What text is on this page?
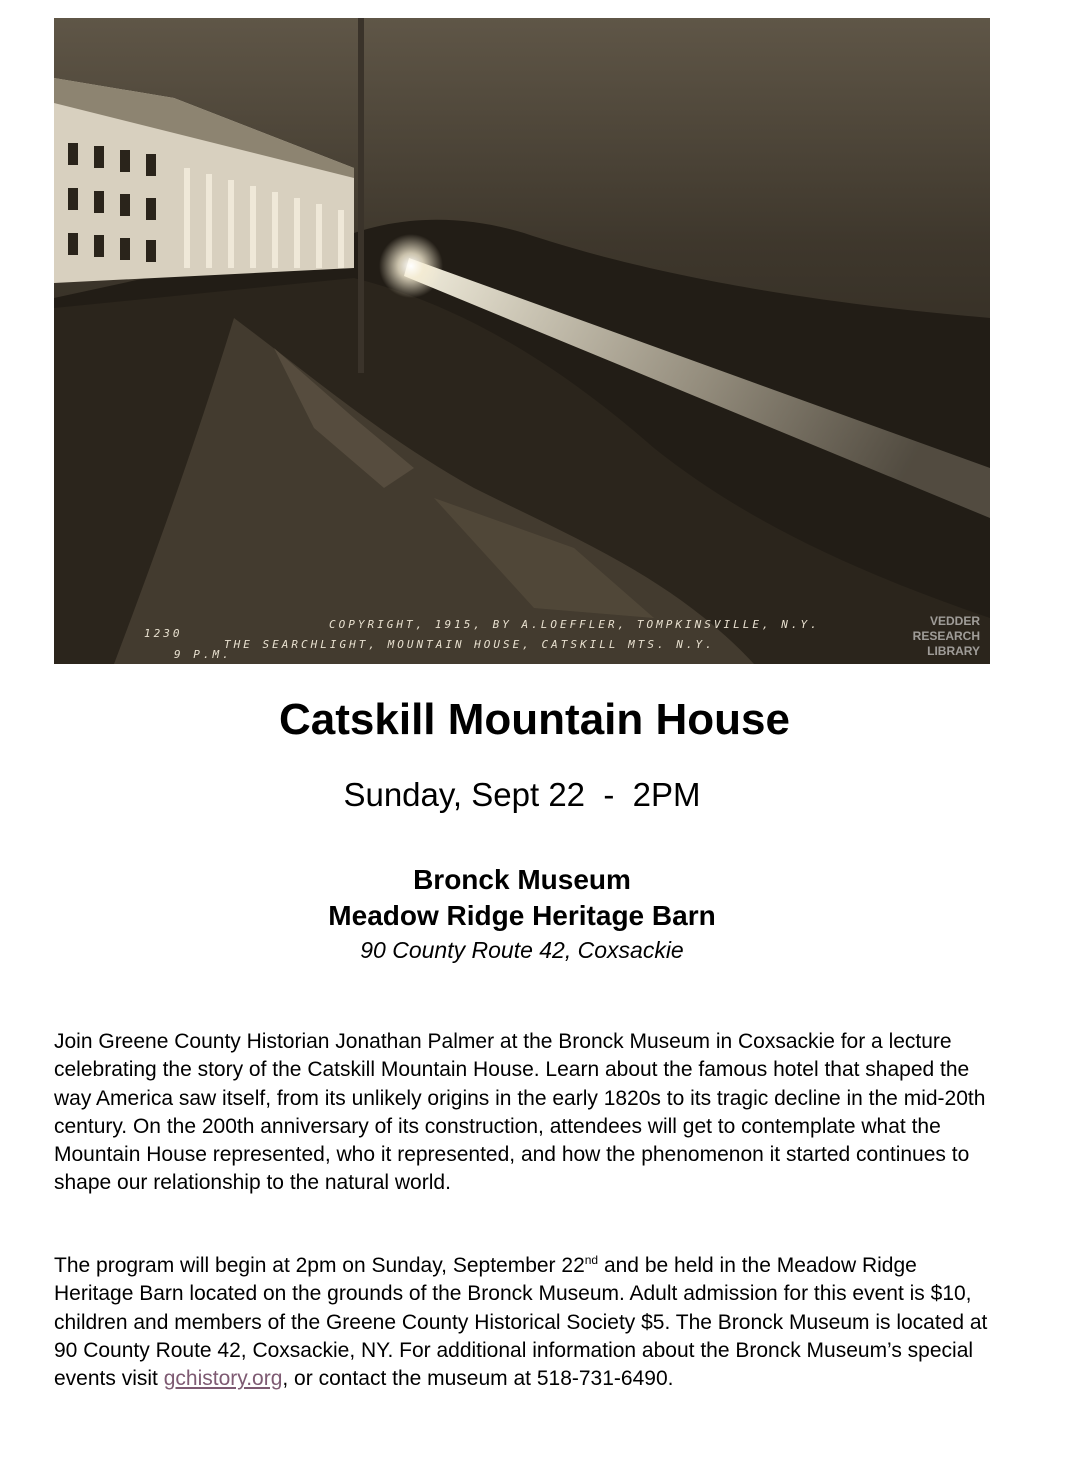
COPYRIGHT, 1915, BY A.LOEFFLER, TOMPKINSVILLE, N.Y.
1230
THE SEARCHLIGHT, MOUNTAIN HOUSE, CATSKILL MTS. N.Y.
9 P.M.
VEDDER
RESEARCH
LIBRARY
Catskill Mountain House
Sunday, Sept 22  -  2PM
Bronck Museum
Meadow Ridge Heritage Barn
90 County Route 42, Coxsackie

Join Greene County Historian Jonathan Palmer at the Bronck Museum in Coxsackie for a lecture celebrating the story of the Catskill Mountain House. Learn about the famous hotel that shaped the way America saw itself, from its unlikely origins in the early 1820s to its tragic decline in the mid-20th century. On the 200th anniversary of its construction, attendees will get to contemplate what the Mountain House represented, who it represented, and how the phenomenon it started continues to shape our relationship to the natural world.

The program will begin at 2pm on Sunday, September 22nd and be held in the Meadow Ridge Heritage Barn located on the grounds of the Bronck Museum. Adult admission for this event is $10, children and members of the Greene County Historical Society $5. The Bronck Museum is located at 90 County Route 42, Coxsackie, NY. For additional information about the Bronck Museum’s special events visit gchistory.org, or contact the museum at 518-731-6490.
